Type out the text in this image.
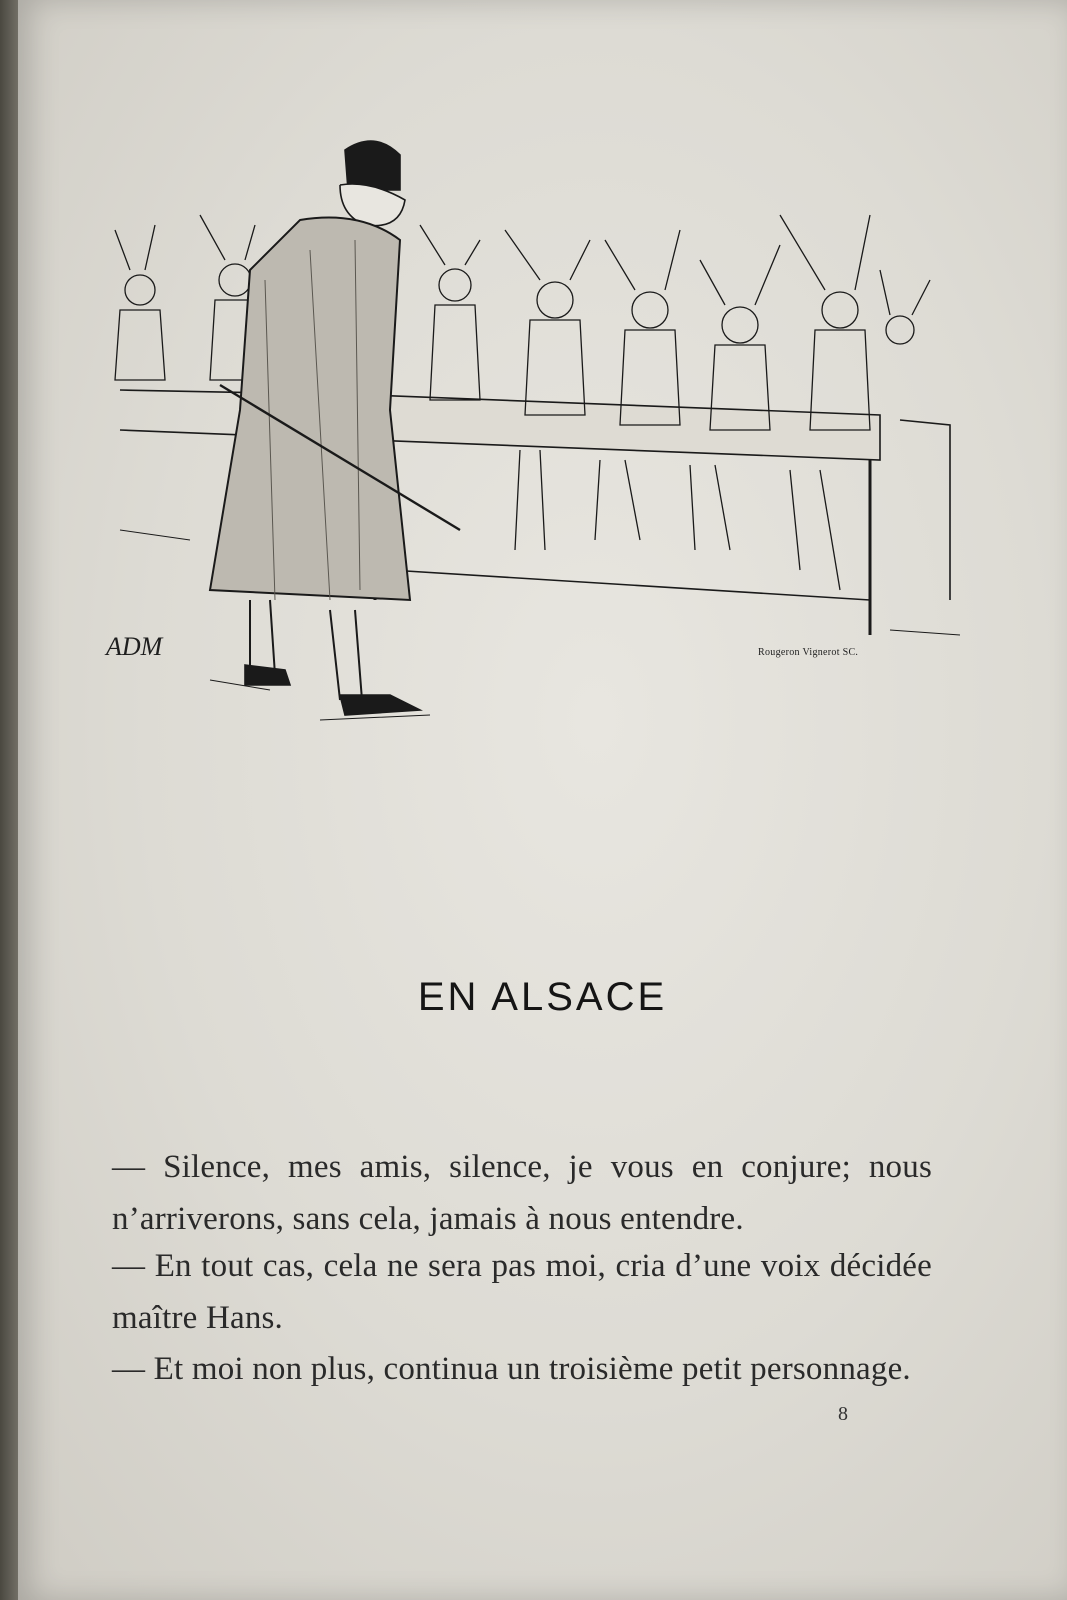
ADM	Rougeron Vignerot SC.
EN ALSACE

— Silence, mes amis, silence, je vous en conjure; nous n’arriverons, sans cela, jamais à nous entendre.

— En tout cas, cela ne sera pas moi, cria d’une voix décidée maître Hans.

— Et moi non plus, continua un troisième petit personnage.

8
